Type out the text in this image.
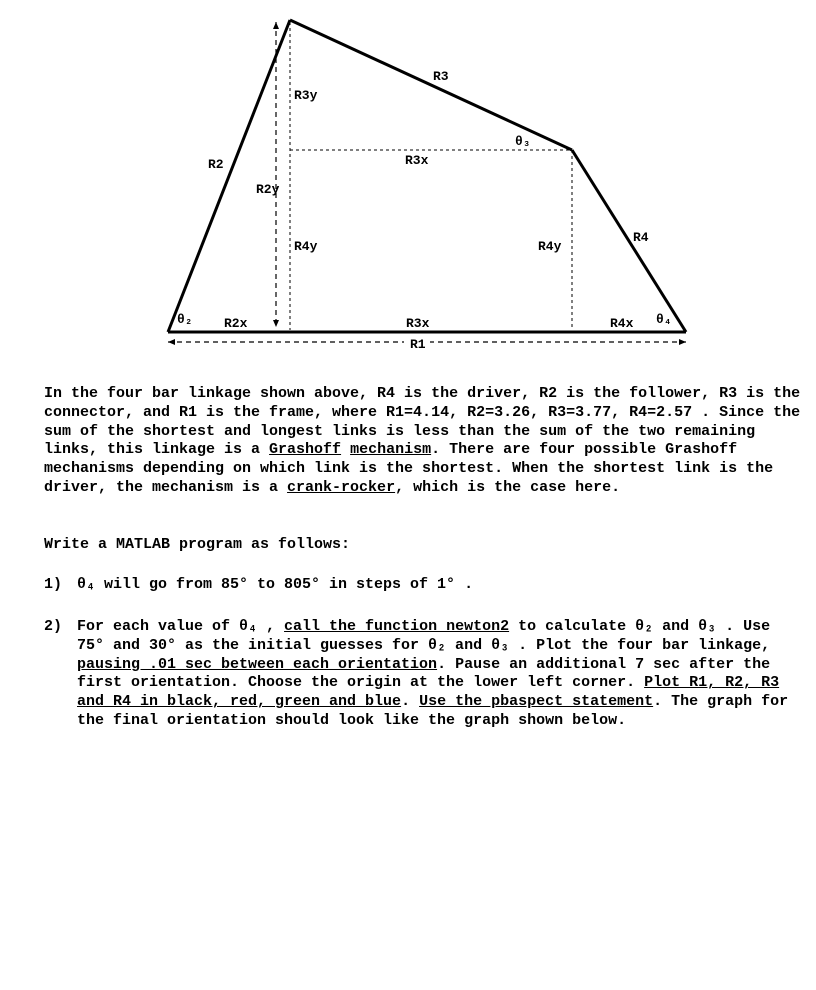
R3
R3y
θ₃
R2	R3x
R2y
R4
R4y	R4y
θ₂ R2x	R3x	R4x θ₄
R1
In the four bar linkage shown above, R4 is the driver, R2 is the follower, R3 is the connector, and R1 is the frame, where R1=4.14, R2=3.26, R3=3.77, R4=2.57 . Since the sum of the shortest and longest links is less than the sum of the two remaining links, this linkage is a Grashoff mechanism. There are four possible Grashoff mechanisms depending on which link is the shortest. When the shortest link is the driver, the mechanism is a crank-rocker, which is the case here.
Write a MATLAB program as follows:
1) θ₄ will go from 85° to 805° in steps of 1° .
2) For each value of θ₄ , call the function newton2 to calculate θ₂ and θ₃ . Use 75° and 30° as the initial guesses for θ₂ and θ₃ . Plot the four bar linkage, pausing .01 sec between each orientation. Pause an additional 7 sec after the first orientation. Choose the origin at the lower left corner. Plot R1, R2, R3 and R4 in black, red, green and blue. Use the pbaspect statement. The graph for the final orientation should look like the graph shown below.
